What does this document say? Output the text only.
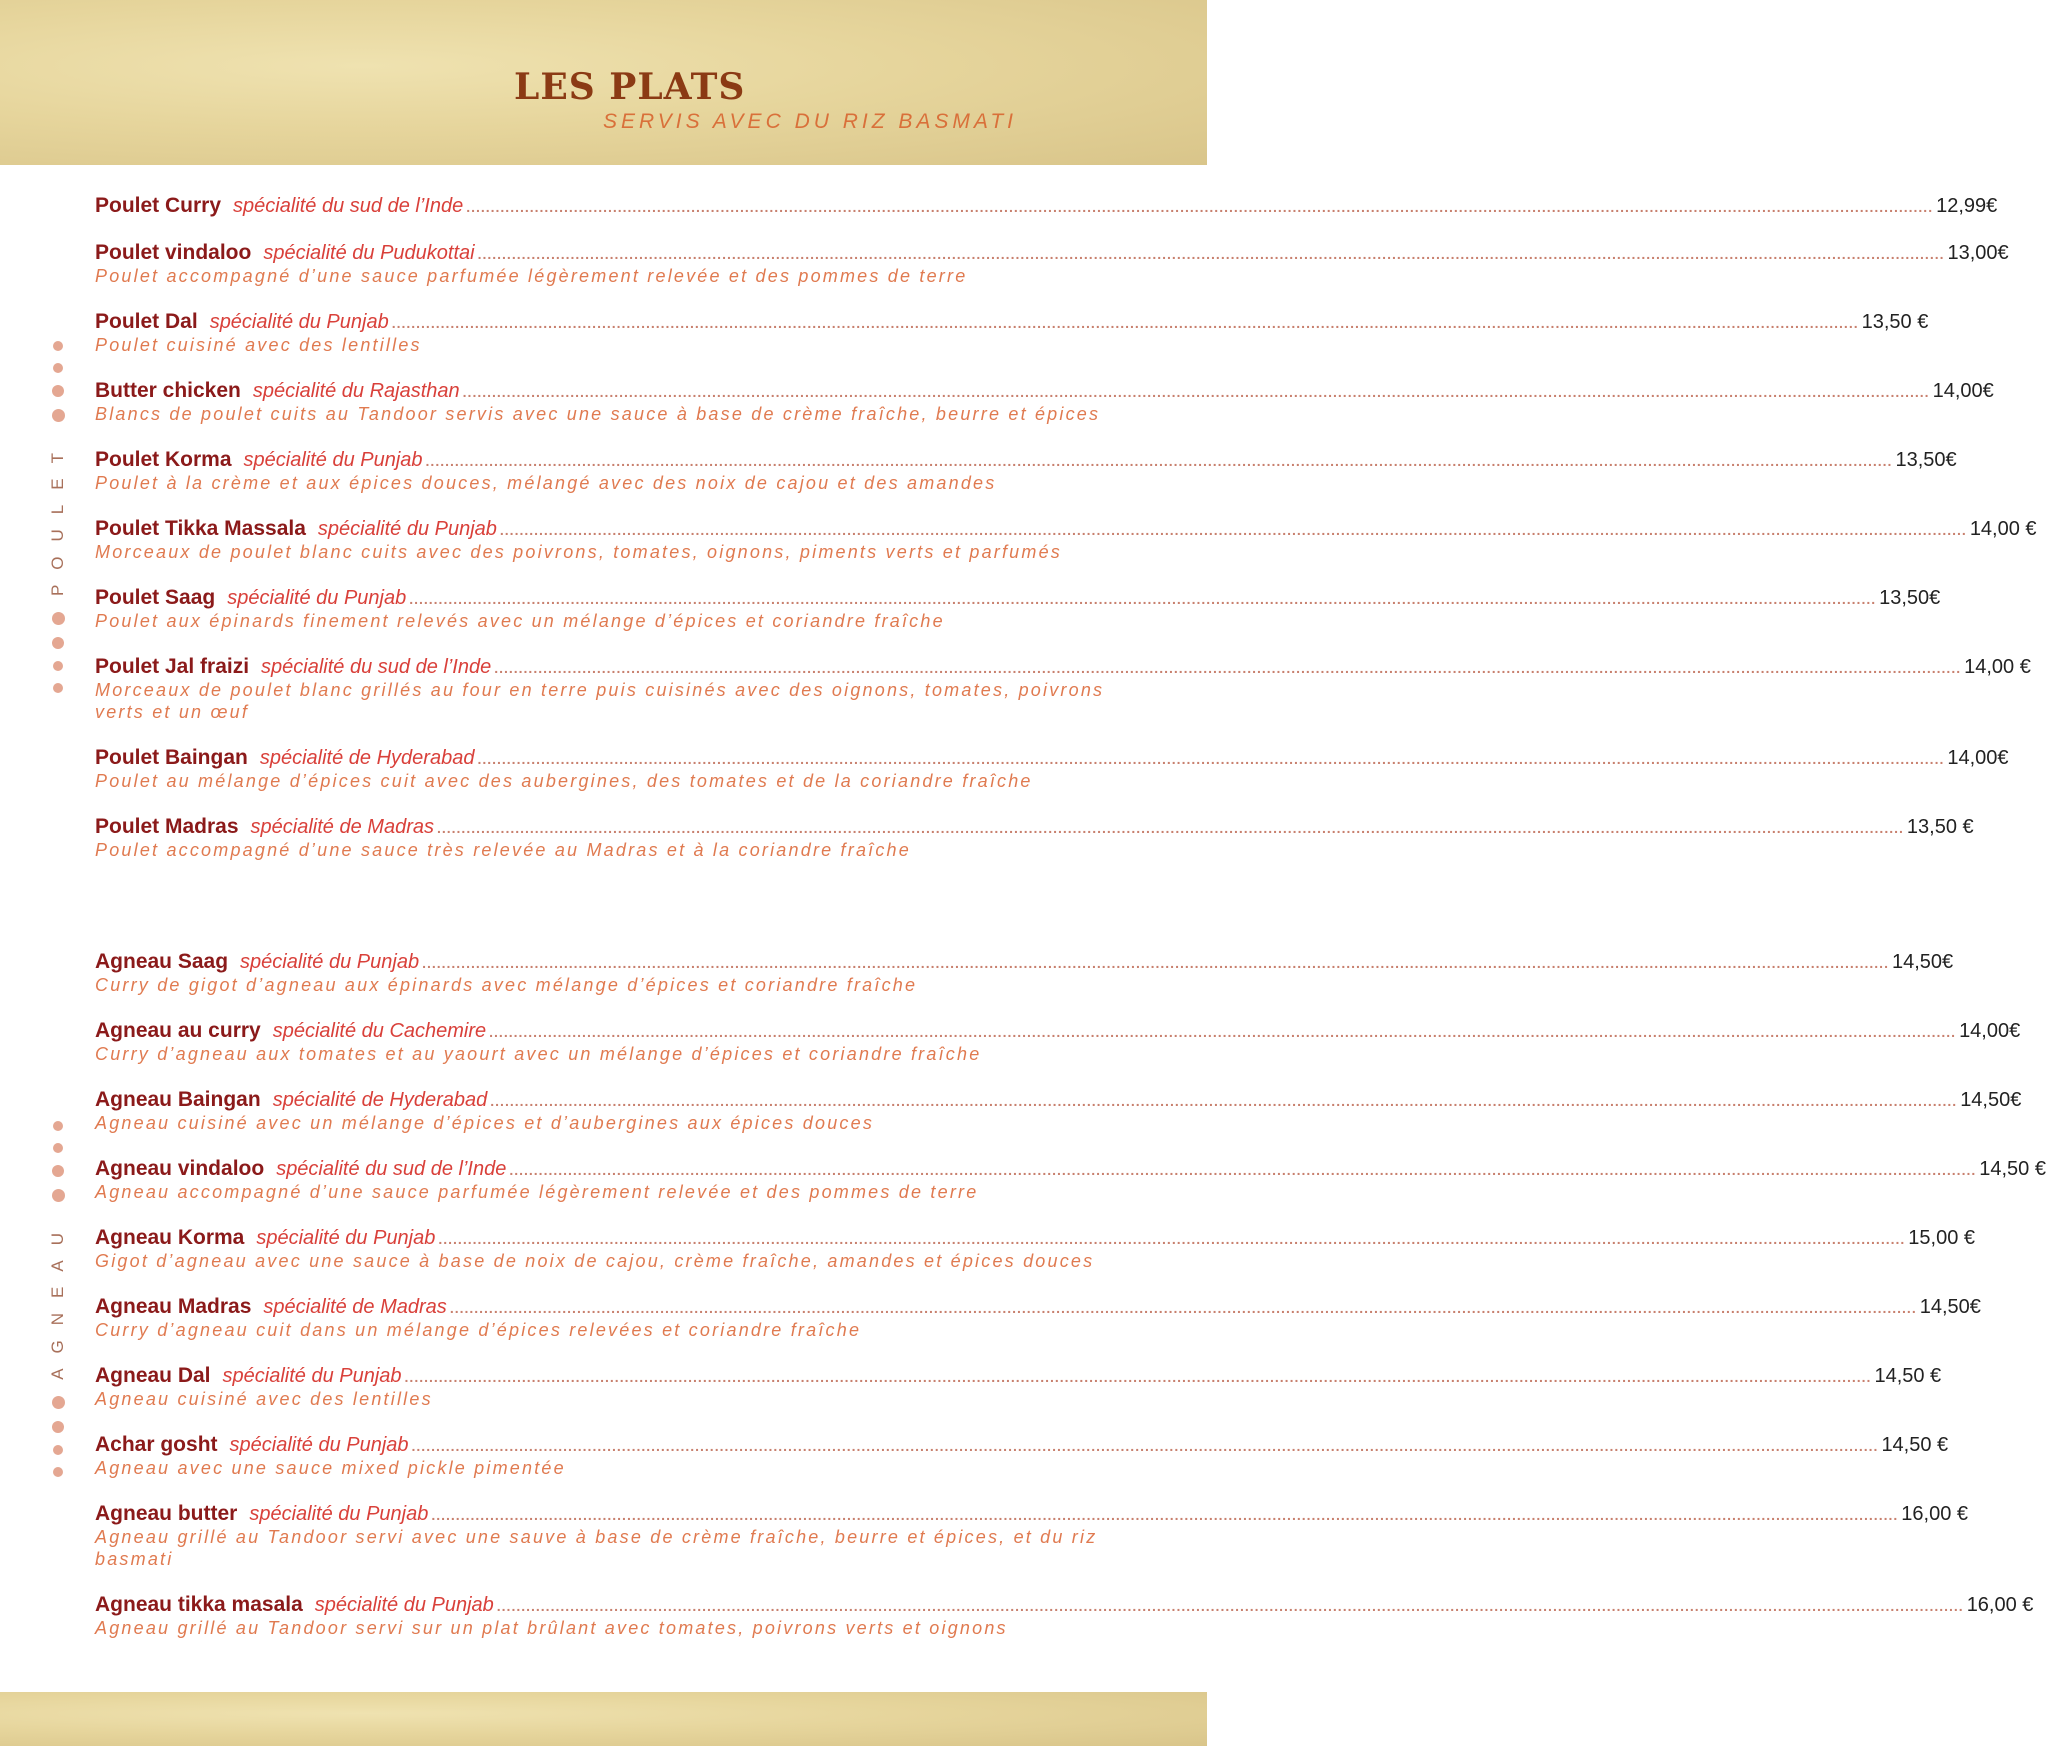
LES PLATS
SERVIS AVEC DU RIZ BASMATI
POULET
AGNEAU
Poulet Curry spécialité du sud de l’Inde ............................................................................................................................................................................................................................................................................................................ 12,99€
Poulet vindaloo spécialité du Pudukottai ............................................................................................................................................................................................................................................................................................................ 13,00€
Poulet accompagné d’une sauce parfumée légèrement relevée et des pommes de terre
Poulet Dal spécialité du Punjab ............................................................................................................................................................................................................................................................................................................ 13,50 €
Poulet cuisiné avec des lentilles
Butter chicken spécialité du Rajasthan ............................................................................................................................................................................................................................................................................................................ 14,00€
Blancs de poulet cuits au Tandoor servis avec une sauce à base de crème fraîche, beurre et épices
Poulet Korma spécialité du Punjab ............................................................................................................................................................................................................................................................................................................ 13,50€
Poulet à la crème et aux épices douces, mélangé avec des noix de cajou et des amandes
Poulet Tikka Massala spécialité du Punjab ............................................................................................................................................................................................................................................................................................................ 14,00 €
Morceaux de poulet blanc cuits avec des poivrons, tomates, oignons, piments verts et parfumés
Poulet Saag spécialité du Punjab ............................................................................................................................................................................................................................................................................................................ 13,50€
Poulet aux épinards finement relevés avec un mélange d’épices et coriandre fraîche
Poulet Jal fraizi spécialité du sud de l’Inde ............................................................................................................................................................................................................................................................................................................ 14,00 €
Morceaux de poulet blanc grillés au four en terre puis cuisinés avec des oignons, tomates, poivrons verts et un œuf
Poulet Baingan spécialité de Hyderabad ............................................................................................................................................................................................................................................................................................................ 14,00€
Poulet au mélange d’épices cuit avec des aubergines, des tomates et de la coriandre fraîche
Poulet Madras spécialité de Madras ............................................................................................................................................................................................................................................................................................................ 13,50 €
Poulet accompagné d’une sauce très relevée au Madras et à la coriandre fraîche
Agneau Saag spécialité du Punjab ............................................................................................................................................................................................................................................................................................................ 14,50€
Curry de gigot d’agneau aux épinards avec mélange d’épices et coriandre fraîche
Agneau au curry spécialité du Cachemire ............................................................................................................................................................................................................................................................................................................ 14,00€
Curry d’agneau aux tomates et au yaourt avec un mélange d’épices et coriandre fraîche
Agneau Baingan spécialité de Hyderabad ............................................................................................................................................................................................................................................................................................................ 14,50€
Agneau cuisiné avec un mélange d’épices et d’aubergines aux épices douces
Agneau vindaloo spécialité du sud de l’Inde ............................................................................................................................................................................................................................................................................................................ 14,50 €
Agneau accompagné d’une sauce parfumée légèrement relevée et des pommes de terre
Agneau Korma spécialité du Punjab ............................................................................................................................................................................................................................................................................................................ 15,00 €
Gigot d’agneau avec une sauce à base de noix de cajou, crème fraîche, amandes et épices douces
Agneau Madras spécialité de Madras ............................................................................................................................................................................................................................................................................................................ 14,50€
Curry d’agneau cuit dans un mélange d’épices relevées et coriandre fraîche
Agneau Dal spécialité du Punjab ............................................................................................................................................................................................................................................................................................................ 14,50 €
Agneau cuisiné avec des lentilles
Achar gosht spécialité du Punjab ............................................................................................................................................................................................................................................................................................................ 14,50 €
Agneau avec une sauce mixed pickle pimentée
Agneau butter spécialité du Punjab ............................................................................................................................................................................................................................................................................................................ 16,00 €
Agneau grillé au Tandoor servi avec une sauve à base de crème fraîche, beurre et épices, et du riz basmati
Agneau tikka masala spécialité du Punjab ............................................................................................................................................................................................................................................................................................................ 16,00 €
Agneau grillé au Tandoor servi sur un plat brûlant avec tomates, poivrons verts et oignons
